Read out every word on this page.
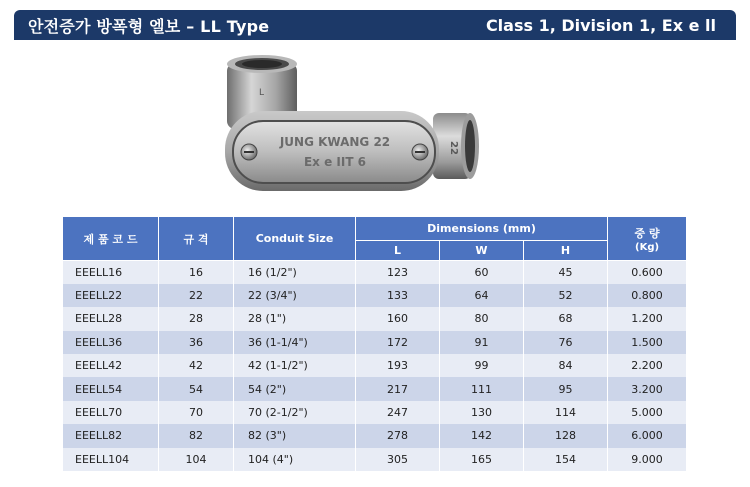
안전증가 방폭형 엘보 – LL Type	Class 1, Division 1, Ex e ll
L
JUNG KWANG 22
Ex e IIT 6
22
제 품 코 드	규 격	Conduit Size	Dimensions (mm)			중 량
(Kg)

			L	W	H	
EEELL16	16	16 (1/2")	123	60	45	0.600
EEELL22	22	22 (3/4")	133	64	52	0.800
EEELL28	28	28 (1")	160	80	68	1.200
EEELL36	36	36 (1-1/4")	172	91	76	1.500
EEELL42	42	42 (1-1/2")	193	99	84	2.200
EEELL54	54	54 (2")	217	111	95	3.200
EEELL70	70	70 (2-1/2")	247	130	114	5.000
EEELL82	82	82 (3")	278	142	128	6.000
EEELL104	104	104 (4")	305	165	154	9.000
